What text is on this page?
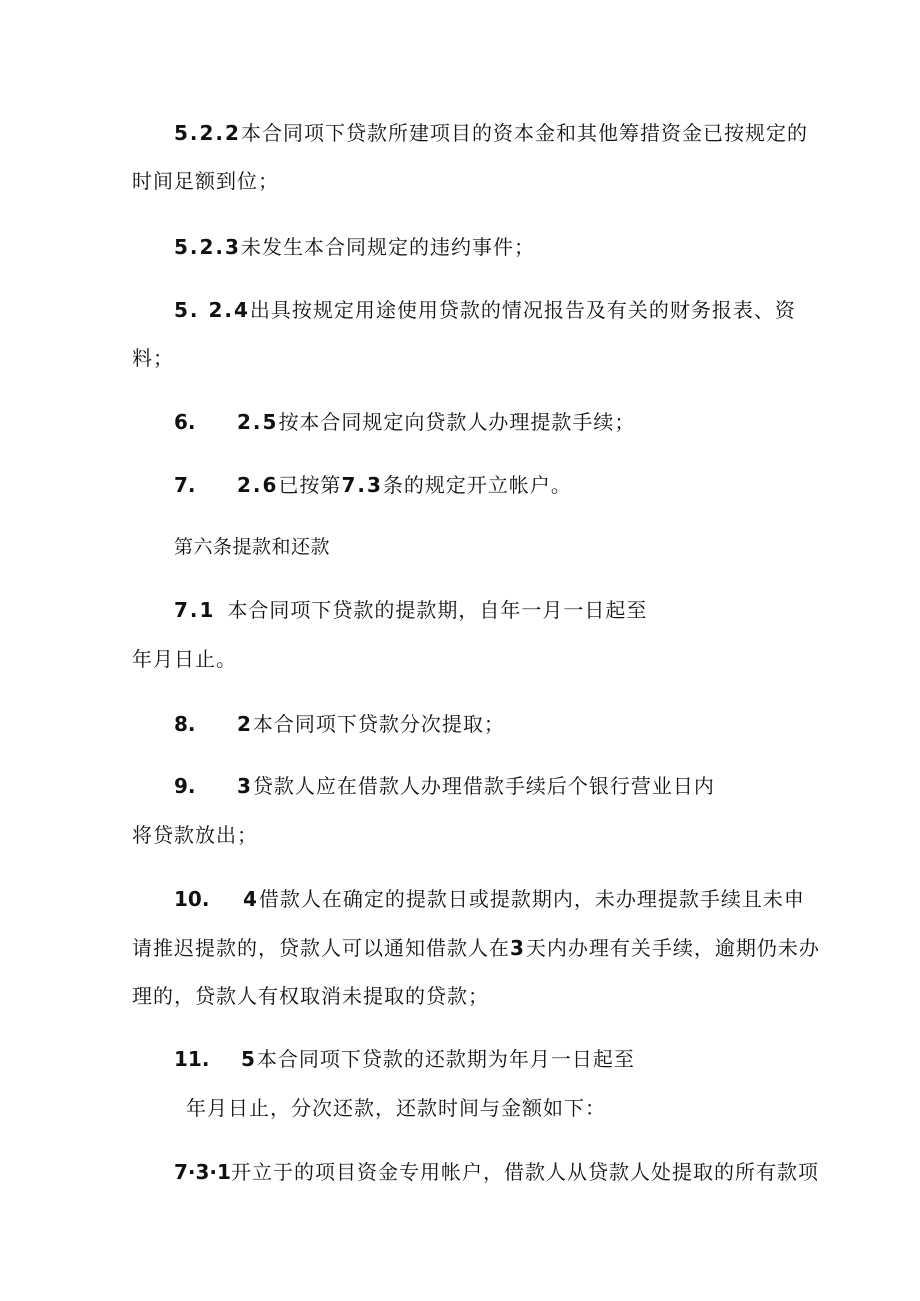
5.2.2本合同项下贷款所建项目的资本金和其他筹措资金已按规定的
时间足额到位；
5.2.3未发生本合同规定的违约事件；
5. 2.4出具按规定用途使用贷款的情况报告及有关的财务报表、资
料；
6. 2.5按本合同规定向贷款人办理提款手续；
7. 2.6已按第7.3条的规定开立帐户。
第六条提款和还款
7.1 本合同项下贷款的提款期，自年一月一日起至
年月日止。
8. 2本合同项下贷款分次提取；
9. 3贷款人应在借款人办理借款手续后个银行营业日内
将贷款放出；
10. 4借款人在确定的提款日或提款期内，未办理提款手续且未申
请推迟提款的，贷款人可以通知借款人在3天内办理有关手续，逾期仍未办
理的，贷款人有权取消未提取的贷款；
11. 5本合同项下贷款的还款期为年月一日起至
年月日止，分次还款，还款时间与金额如下：
7·3·1开立于的项目资金专用帐户，借款人从贷款人处提取的所有款项
